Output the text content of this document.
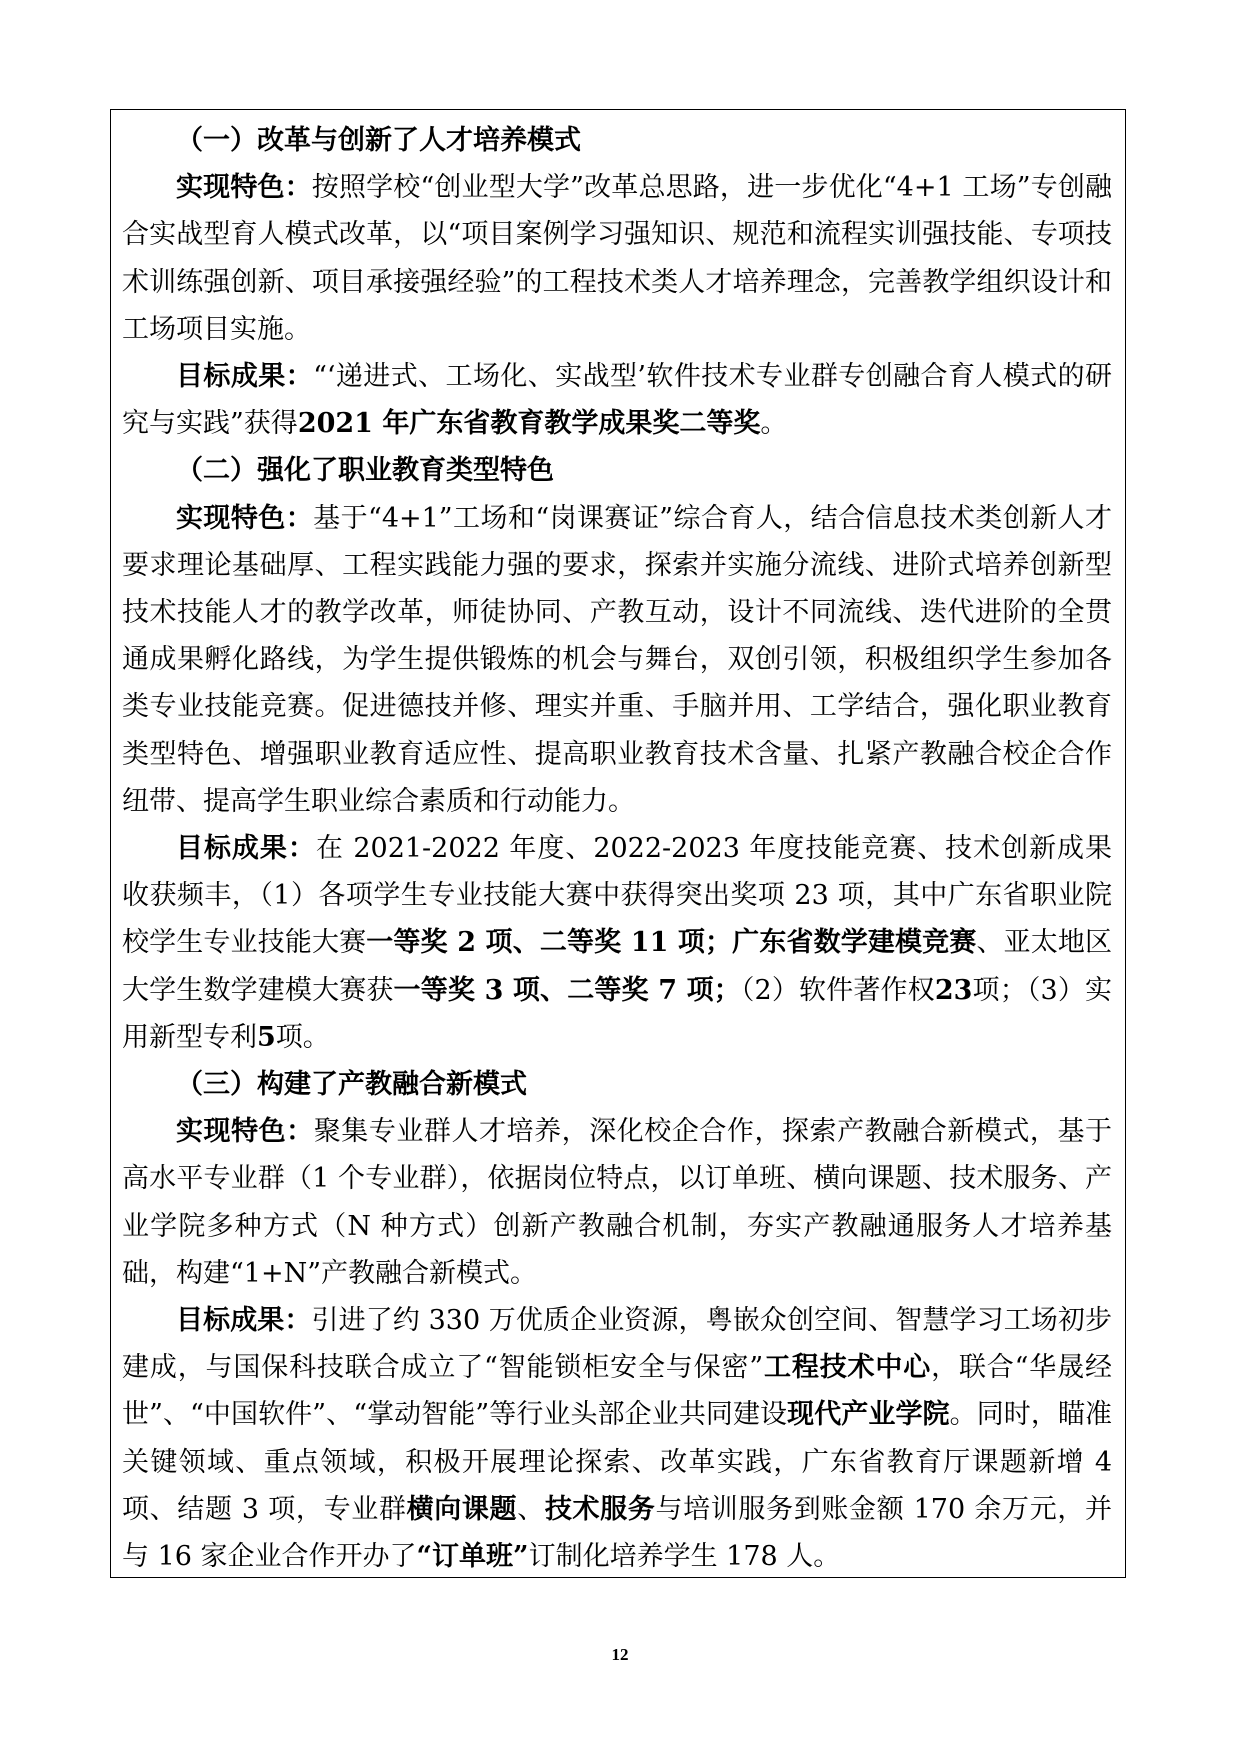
（一）改革与创新了人才培养模式

实现特色：按照学校“创业型大学”改革总思路，进一步优化“4+1 工场”专创融合实战型育人模式改革，以“项目案例学习强知识、规范和流程实训强技能、专项技术训练强创新、项目承接强经验”的工程技术类人才培养理念，完善教学组织设计和工场项目实施。

目标成果：“‘递进式、工场化、实战型’软件技术专业群专创融合育人模式的研究与实践”获得2021 年广东省教育教学成果奖二等奖。

（二）强化了职业教育类型特色

实现特色：基于“4+1”工场和“岗课赛证”综合育人，结合信息技术类创新人才要求理论基础厚、工程实践能力强的要求，探索并实施分流线、进阶式培养创新型技术技能人才的教学改革，师徒协同、产教互动，设计不同流线、迭代进阶的全贯通成果孵化路线，为学生提供锻炼的机会与舞台，双创引领，积极组织学生参加各类专业技能竞赛。促进德技并修、理实并重、手脑并用、工学结合，强化职业教育类型特色、增强职业教育适应性、提高职业教育技术含量、扎紧产教融合校企合作纽带、提高学生职业综合素质和行动能力。

目标成果：在 2021-2022 年度、2022-2023 年度技能竞赛、技术创新成果收获频丰，（1）各项学生专业技能大赛中获得突出奖项 23 项，其中广东省职业院校学生专业技能大赛一等奖 2 项、二等奖 11 项；广东省数学建模竞赛、亚太地区大学生数学建模大赛获一等奖 3 项、二等奖 7 项；（2）软件著作权23项；（3）实用新型专利5项。

（三）构建了产教融合新模式

实现特色：聚集专业群人才培养，深化校企合作，探索产教融合新模式，基于高水平专业群（1 个专业群），依据岗位特点，以订单班、横向课题、技术服务、产业学院多种方式（N 种方式）创新产教融合机制，夯实产教融通服务人才培养基础，构建“1+N”产教融合新模式。

目标成果：引进了约 330 万优质企业资源，粤嵌众创空间、智慧学习工场初步建成，与国保科技联合成立了“智能锁柜安全与保密”工程技术中心，联合“华晟经世”、“中国软件”、“掌动智能”等行业头部企业共同建设现代产业学院。同时，瞄准关键领域、重点领域，积极开展理论探索、改革实践，广东省教育厅课题新增 4 项、结题 3 项，专业群横向课题、技术服务与培训服务到账金额 170 余万元，并与 16 家企业合作开办了“订单班”订制化培养学生 178 人。

12
